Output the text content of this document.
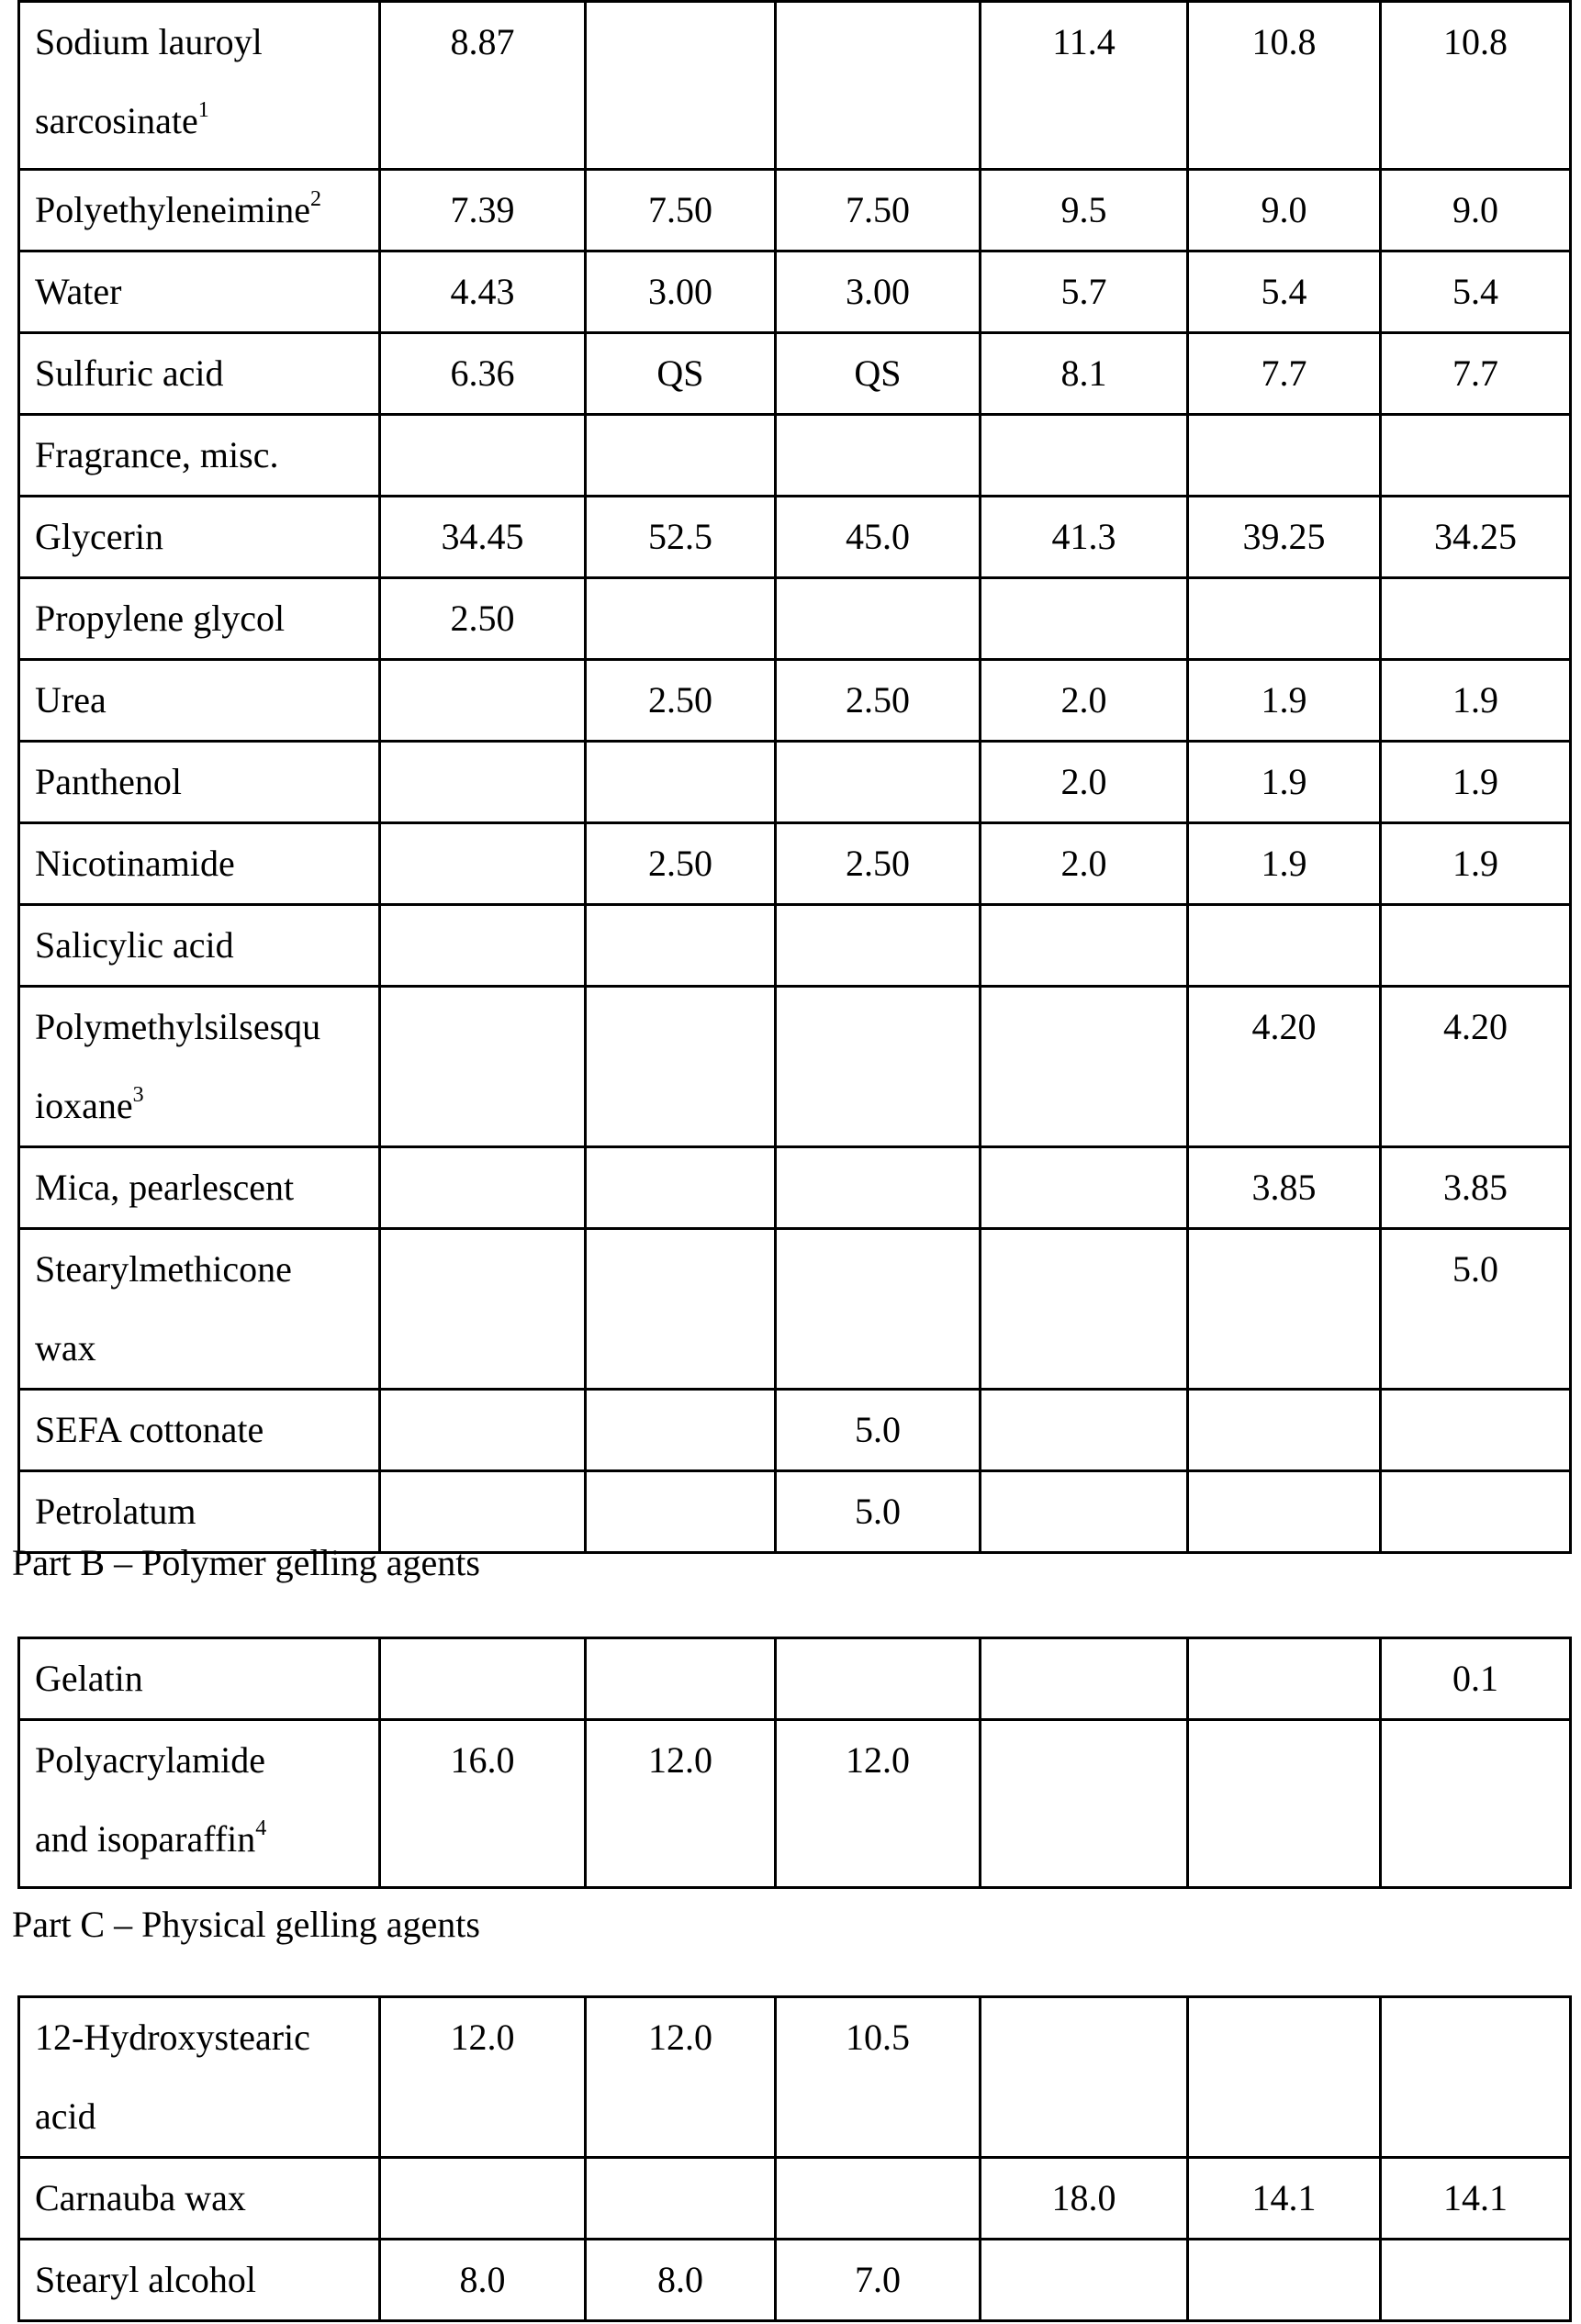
Sodium lauroyl
sarcosinate$^1$	8.87			11.4	10.8	10.8
Polyethyleneimine$^2$	7.39	7.50	7.50	9.5	9.0	9.0
Water	4.43	3.00	3.00	5.7	5.4	5.4
Sulfuric acid	6.36	QS	QS	8.1	7.7	7.7
Fragrance, misc.						
Glycerin	34.45	52.5	45.0	41.3	39.25	34.25
Propylene glycol	2.50					
Urea		2.50	2.50	2.0	1.9	1.9
Panthenol				2.0	1.9	1.9
Nicotinamide		2.50	2.50	2.0	1.9	1.9
Salicylic acid						
Polymethylsilsesqu
ioxane$^3$					4.20	4.20
Mica, pearlescent					3.85	3.85
Stearylmethicone
wax						5.0
SEFA cottonate			5.0			
Petrolatum			5.0			
Part B – Polymer gelling agents
Gelatin						0.1
Polyacrylamide
and isoparaffin$^4$	16.0	12.0	12.0			
Part C – Physical gelling agents
12-Hydroxystearic
acid	12.0	12.0	10.5			
Carnauba wax				18.0	14.1	14.1
Stearyl alcohol	8.0	8.0	7.0			
